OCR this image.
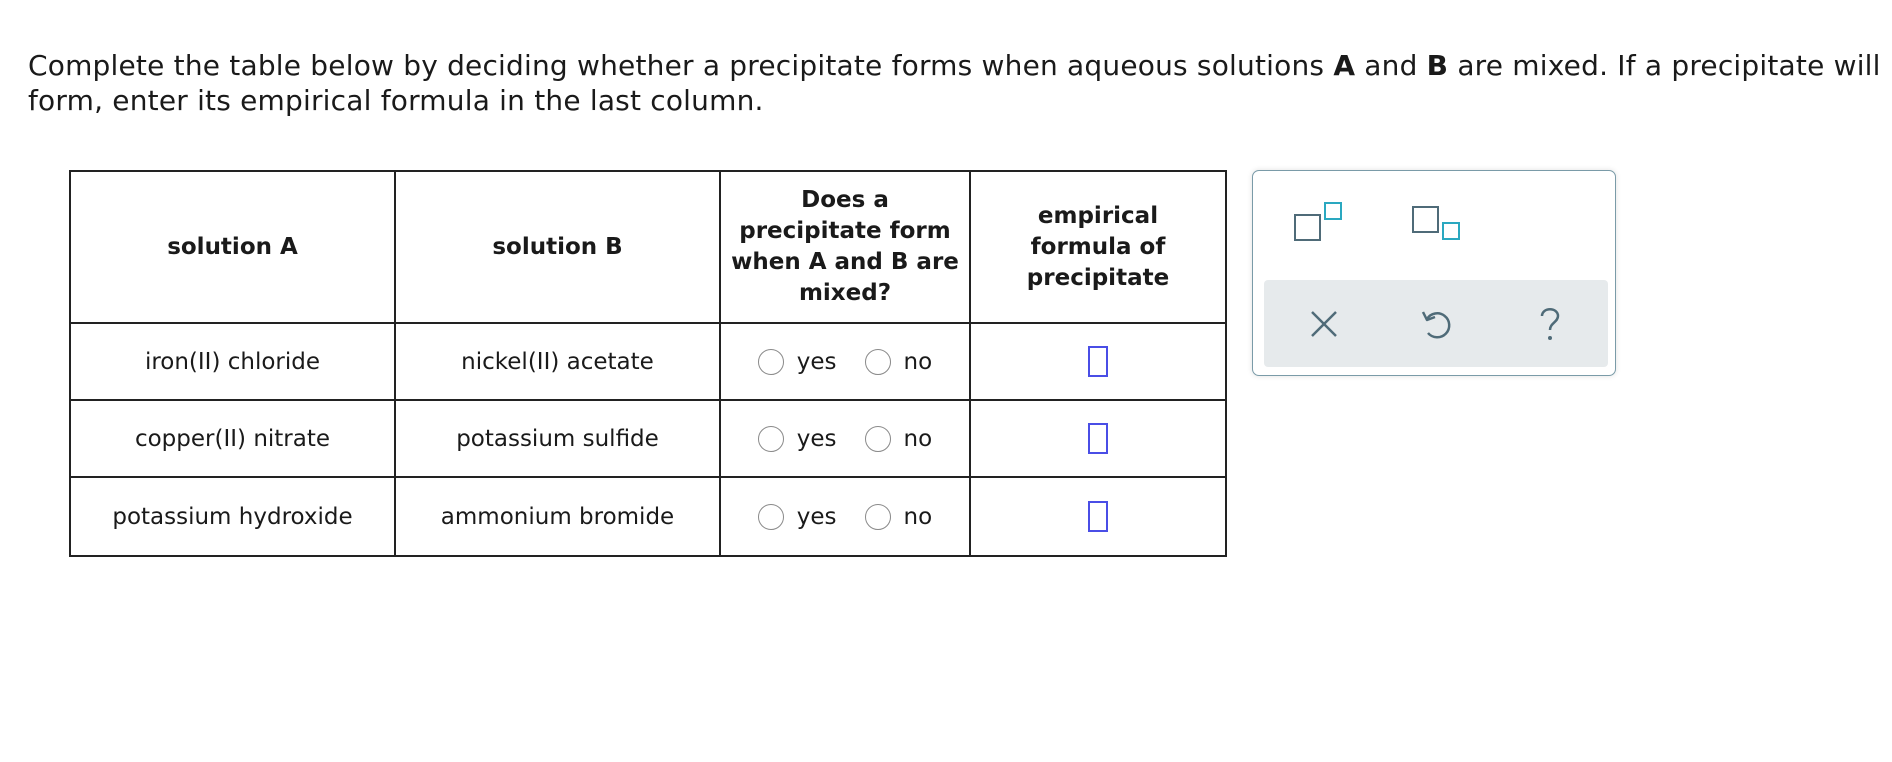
Complete the table below by deciding whether a precipitate forms when aqueous solutions A and B are mixed. If a precipitate will form, enter its empirical formula in the last column.
solution A	solution B	Does a precipitate form when A and B are mixed?	empirical formula of precipitate

iron(II) chloride	nickel(II) acetate	yes no	

copper(II) nitrate	potassium sulfide	yes no	

potassium hydroxide	ammonium bromide	yes no	
